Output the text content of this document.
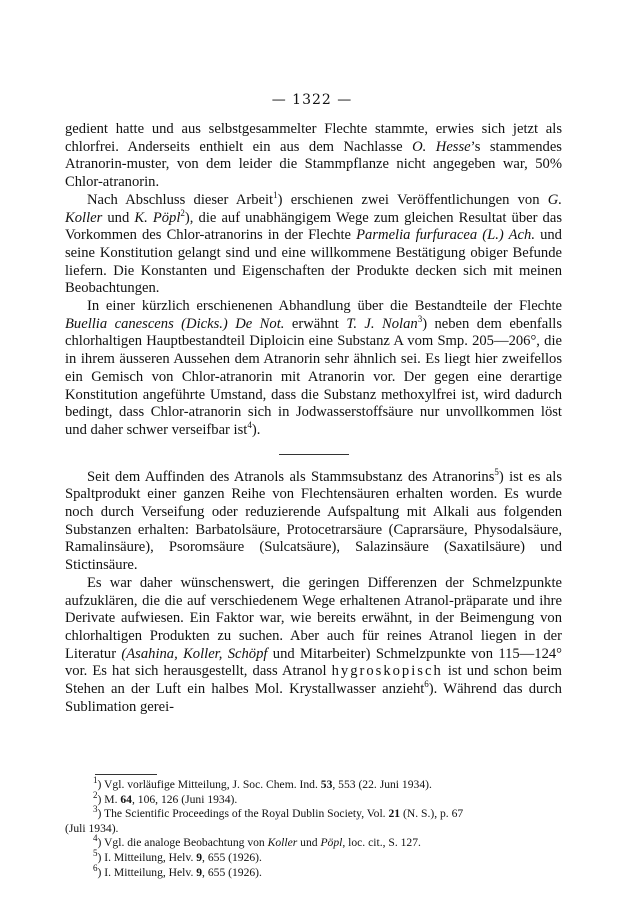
— 1322 —

gedient hatte und aus selbstgesammelter Flechte stammte, erwies sich jetzt als chlorfrei. Anderseits enthielt ein aus dem Nachlasse O. Hesse’s stammendes Atranorin-muster, von dem leider die Stammpflanze nicht angegeben war, 50% Chlor-atranorin.

Nach Abschluss dieser Arbeit$^1$) erschienen zwei Veröffentlichungen von G. Koller und K. Pöpl$^2$), die auf unabhängigem Wege zum gleichen Resultat über das Vorkommen des Chlor-atranorins in der Flechte Parmelia furfuracea (L.) Ach. und seine Konstitution gelangt sind und eine willkommene Bestätigung obiger Befunde liefern. Die Konstanten und Eigenschaften der Produkte decken sich mit meinen Beobachtungen.

In einer kürzlich erschienenen Abhandlung über die Bestandteile der Flechte Buellia canescens (Dicks.) De Not. erwähnt T. J. Nolan$^3$) neben dem ebenfalls chlorhaltigen Hauptbestandteil Diploicin eine Substanz A vom Smp. 205—206°, die in ihrem äusseren Aussehen dem Atranorin sehr ähnlich sei. Es liegt hier zweifellos ein Gemisch von Chlor-atranorin mit Atranorin vor. Der gegen eine derartige Konstitution angeführte Umstand, dass die Substanz methoxylfrei ist, wird dadurch bedingt, dass Chlor-atranorin sich in Jodwasserstoffsäure nur unvollkommen löst und daher schwer verseifbar ist$^4$).

Seit dem Auffinden des Atranols als Stammsubstanz des Atranorins$^5$) ist es als Spaltprodukt einer ganzen Reihe von Flechtensäuren erhalten worden. Es wurde noch durch Verseifung oder reduzierende Aufspaltung mit Alkali aus folgenden Substanzen erhalten: Barbatolsäure, Protocetrarsäure (Caprarsäure, Physodalsäure, Ramalinsäure), Psoromsäure (Sulcatsäure), Salazinsäure (Saxatilsäure) und Stictinsäure.

Es war daher wünschenswert, die geringen Differenzen der Schmelzpunkte aufzuklären, die die auf verschiedenem Wege erhaltenen Atranol-präparate und ihre Derivate aufwiesen. Ein Faktor war, wie bereits erwähnt, in der Beimengung von chlorhaltigen Produkten zu suchen. Aber auch für reines Atranol liegen in der Literatur (Asahina, Koller, Schöpf und Mitarbeiter) Schmelzpunkte von 115—124° vor. Es hat sich herausgestellt, dass Atranol hygroskopisch ist und schon beim Stehen an der Luft ein halbes Mol. Krystallwasser anzieht$^6$). Während das durch Sublimation gerei-

$^1$) Vgl. vorläufige Mitteilung, J. Soc. Chem. Ind. 53, 553 (22. Juni 1934).

$^2$) M. 64, 106, 126 (Juni 1934).

$^3$) The Scientific Proceedings of the Royal Dublin Society, Vol. 21 (N. S.), p. 67

(Juli 1934).

$^4$) Vgl. die analoge Beobachtung von Koller und Pöpl, loc. cit., S. 127.

$^5$) I. Mitteilung, Helv. 9, 655 (1926).

$^6$) I. Mitteilung, Helv. 9, 655 (1926).
